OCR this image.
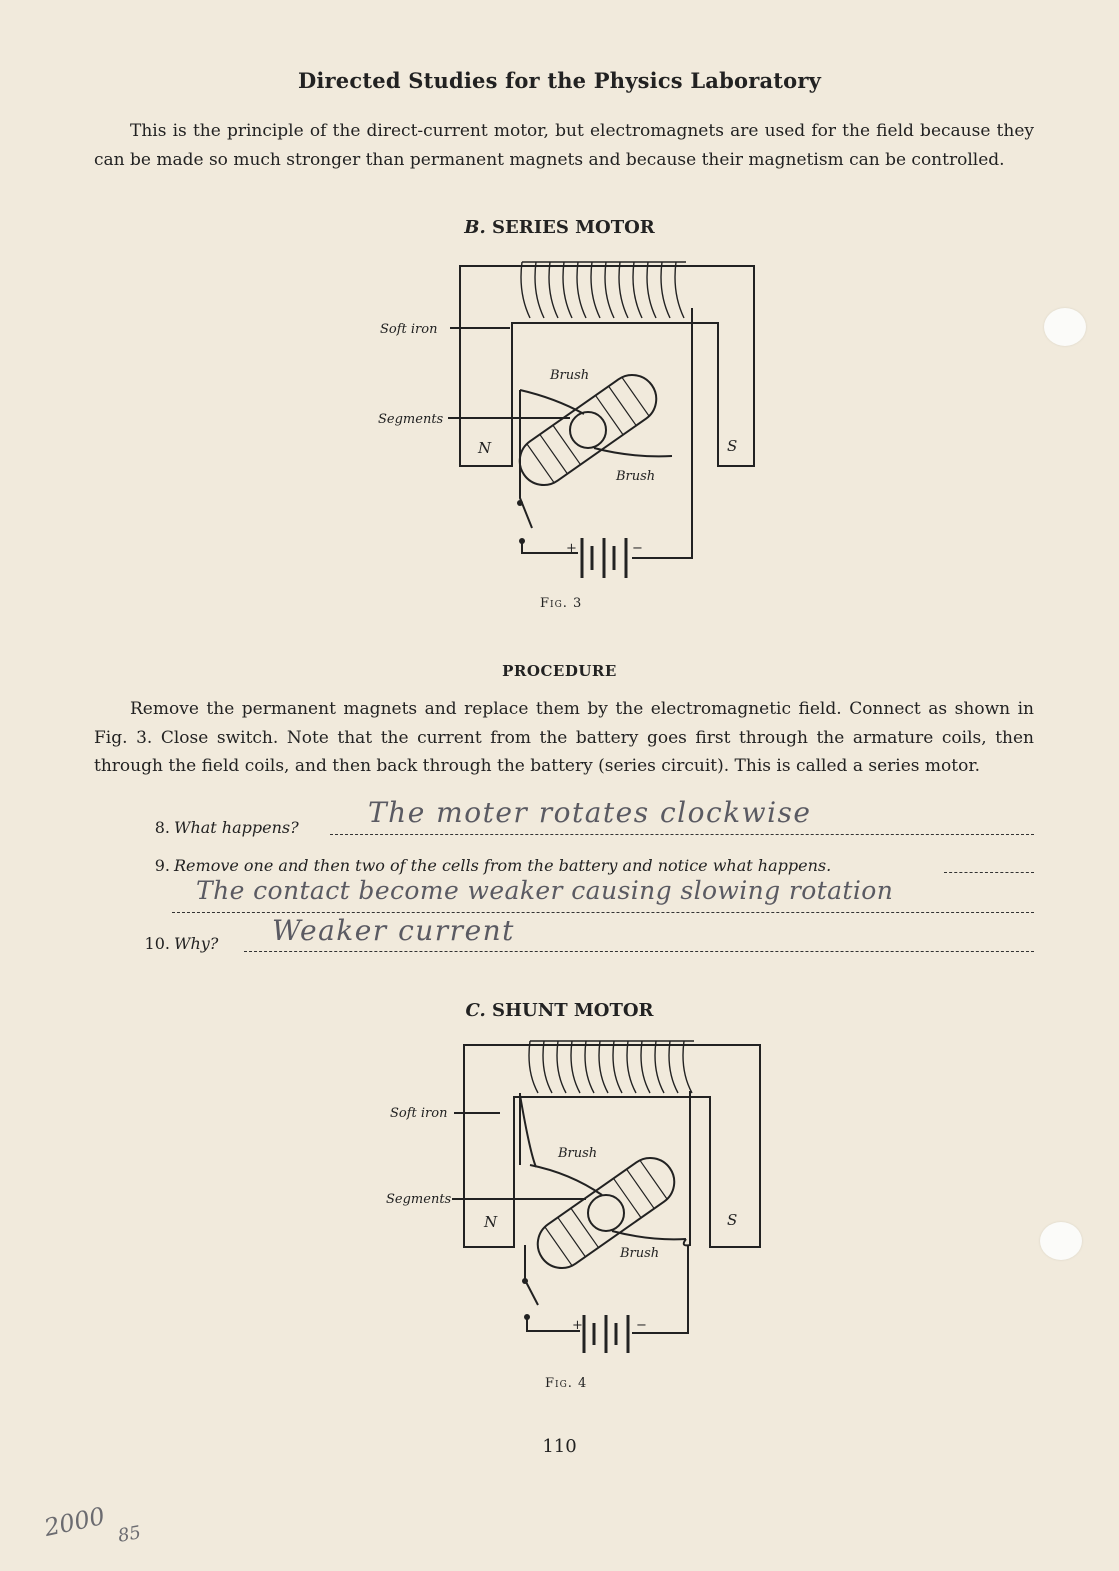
Directed Studies for the Physics Laboratory
This is the principle of the direct-current motor, but electromagnets are used for the field because they can be made so much stronger than permanent magnets and because their magnetism can be controlled.
B. SERIES MOTOR
Soft iron
Segments
Brush
Brush
N	S
+	−
Fig. 3
PROCEDURE
Remove the permanent magnets and replace them by the electromagnetic field. Connect as shown in Fig. 3. Close switch. Note that the current from the battery goes first through the armature coils, then through the field coils, and then back through the battery (series circuit). This is called a series motor.
8. What happens? The moter rotates clockwise
9. Remove one and then two of the cells from the battery and notice what happens.
The contact become weaker causing slowing rotation
10. Why? Weaker current
C. SHUNT MOTOR
Soft iron
Segments
Brush
Brush
N	S
+	−
Fig. 4
110
2000 85
